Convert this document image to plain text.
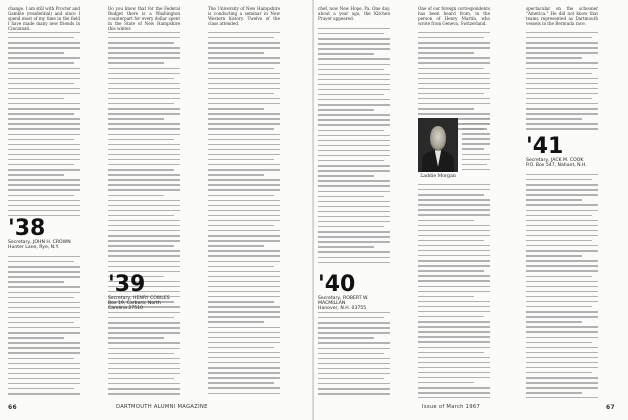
change. I am still with Procter and Gamble (residential) and since I spend most of my time in the field I have made many new friends in Cincinnati.

'38
Secretary, JOHN H. CROWN
Hunter Lane, Rye, N.Y.

Do you know that for the Federal Budget there is a Washington counterpart for every dollar spent in the State of New Hampshire this winter.

'39
Secretary, HENRY COWLES
Box 19, Carboro, North Carolina 27510

The University of New Hampshire is conducting a seminar in New Western history. Twelve of the class attended.

66	DARTMOUTH ALUMNI MAGAZINE

chef, now New Hope, Pa. One day, about a year ago, the Kitchen Prayer appeared.

'40
Secretary, ROBERT W. MACMILLAN
Hanover, N.H. 03755

One of our foreign correspondents has been heard from, in the person of Henry Martin, who wrote from Geneva, Switzerland.

Laddie Morgan

spectacular on the schooner "America." He did not know that teams represented as Dartmouth vessels in the Bermuda race.

'41
Secretary, JACK M. COOK
P.O. Box 547, Nahant, N.H.
Issue of March 1967	67
